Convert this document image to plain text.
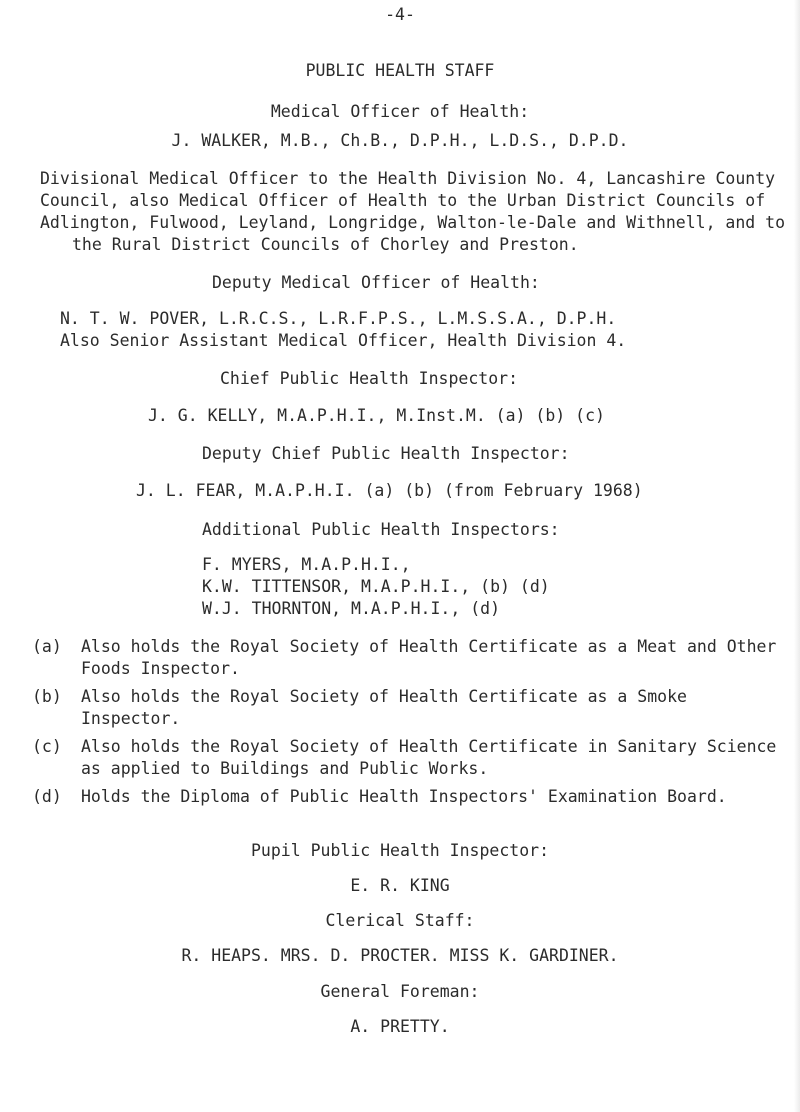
-4-
PUBLIC HEALTH STAFF
Medical Officer of Health:
J. WALKER, M.B., Ch.B., D.P.H., L.D.S., D.P.D.
Divisional Medical Officer to the Health Division No. 4, Lancashire County
Council, also Medical Officer of Health to the Urban District Councils of
Adlington, Fulwood, Leyland, Longridge, Walton-le-Dale and Withnell, and to
the Rural District Councils of Chorley and Preston.
Deputy Medical Officer of Health:
N. T. W. POVER, L.R.C.S., L.R.F.P.S., L.M.S.S.A., D.P.H.
Also Senior Assistant Medical Officer, Health Division 4.
Chief Public Health Inspector:
J. G. KELLY, M.A.P.H.I., M.Inst.M. (a) (b) (c)
Deputy Chief Public Health Inspector:
J. L. FEAR, M.A.P.H.I. (a) (b) (from February 1968)
Additional Public Health Inspectors:
F. MYERS, M.A.P.H.I.,
K.W. TITTENSOR, M.A.P.H.I., (b) (d)
W.J. THORNTON, M.A.P.H.I., (d)
(a) Also holds the Royal Society of Health Certificate as a Meat and Other Foods Inspector.
(b) Also holds the Royal Society of Health Certificate as a Smoke Inspector.
(c) Also holds the Royal Society of Health Certificate in Sanitary Science as applied to Buildings and Public Works.
(d) Holds the Diploma of Public Health Inspectors' Examination Board.
Pupil Public Health Inspector:
E. R. KING
Clerical Staff:
R. HEAPS. MRS. D. PROCTER. MISS K. GARDINER.
General Foreman:
A. PRETTY.
